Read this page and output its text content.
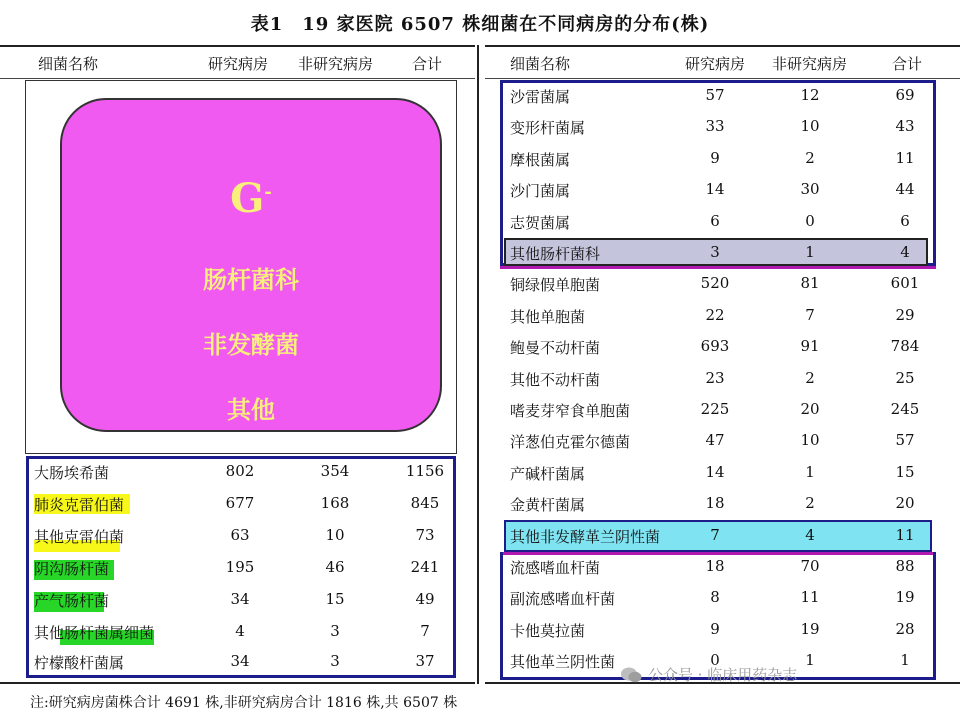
表1　19 家医院 6507 株细菌在不同病房的分布(株)
细菌名称	研究病房 非研究病房	合计	细菌名称	研究病房 非研究病房	合计
G-
肠杆菌科
非发酵菌
其他
大肠埃希菌	802	354	1156
肺炎克雷伯菌	677	168	845
其他克雷伯菌	63	10	73
阴沟肠杆菌	195	46	241
产气肠杆菌	34	15	49
其他肠杆菌属细菌	4	3	7
柠檬酸杆菌属	34	3	37
沙雷菌属	57	12	69
变形杆菌属	33	10	43
摩根菌属	9	2	11
沙门菌属	14	30	44
志贺菌属	6	0	6
其他肠杆菌科	3	1	4
铜绿假单胞菌	520	81	601
其他单胞菌	22	7	29
鲍曼不动杆菌	693	91	784
其他不动杆菌	23	2	25
嗜麦芽窄食单胞菌	225	20	245
洋葱伯克霍尔德菌	47	10	57
产碱杆菌属	14	1	15
金黄杆菌属	18	2	20
其他非发酵革兰阴性菌	7	4	11
流感嗜血杆菌	18	70	88
副流感嗜血杆菌	8	11	19
卡他莫拉菌	9	19	28
其他革兰阴性菌	0	1	1
注:研究病房菌株合计 4691 株,非研究病房合计 1816 株,共 6507 株
公众号 · 临床用药杂志
